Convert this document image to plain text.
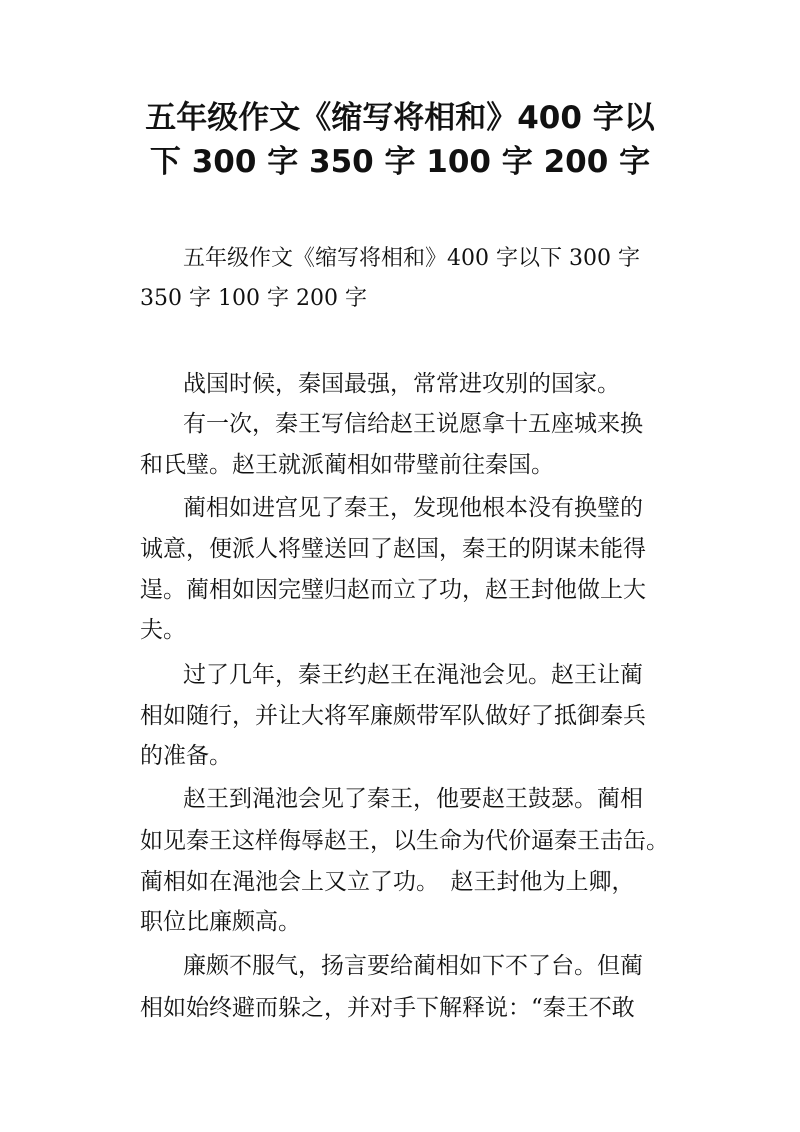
五年级作文《缩写将相和》400 字以
下 300 字 350 字 100 字 200 字

五年级作文《缩写将相和》400 字以下 300 字

350 字 100 字 200 字

战国时候，秦国最强，常常进攻别的国家。

有一次，秦王写信给赵王说愿拿十五座城来换

和氏璧。赵王就派蔺相如带璧前往秦国。

蔺相如进宫见了秦王，发现他根本没有换璧的

诚意，便派人将璧送回了赵国，秦王的阴谋未能得

逞。蔺相如因完璧归赵而立了功，赵王封他做上大

夫。

过了几年，秦王约赵王在渑池会见。赵王让蔺

相如随行，并让大将军廉颇带军队做好了抵御秦兵

的准备。

赵王到渑池会见了秦王，他要赵王鼓瑟。蔺相

如见秦王这样侮辱赵王，以生命为代价逼秦王击缶。

蔺相如在渑池会上又立了功。　赵王封他为上卿，

职位比廉颇高。

廉颇不服气，扬言要给蔺相如下不了台。但蔺

相如始终避而躲之，并对手下解释说：“秦王不敢
